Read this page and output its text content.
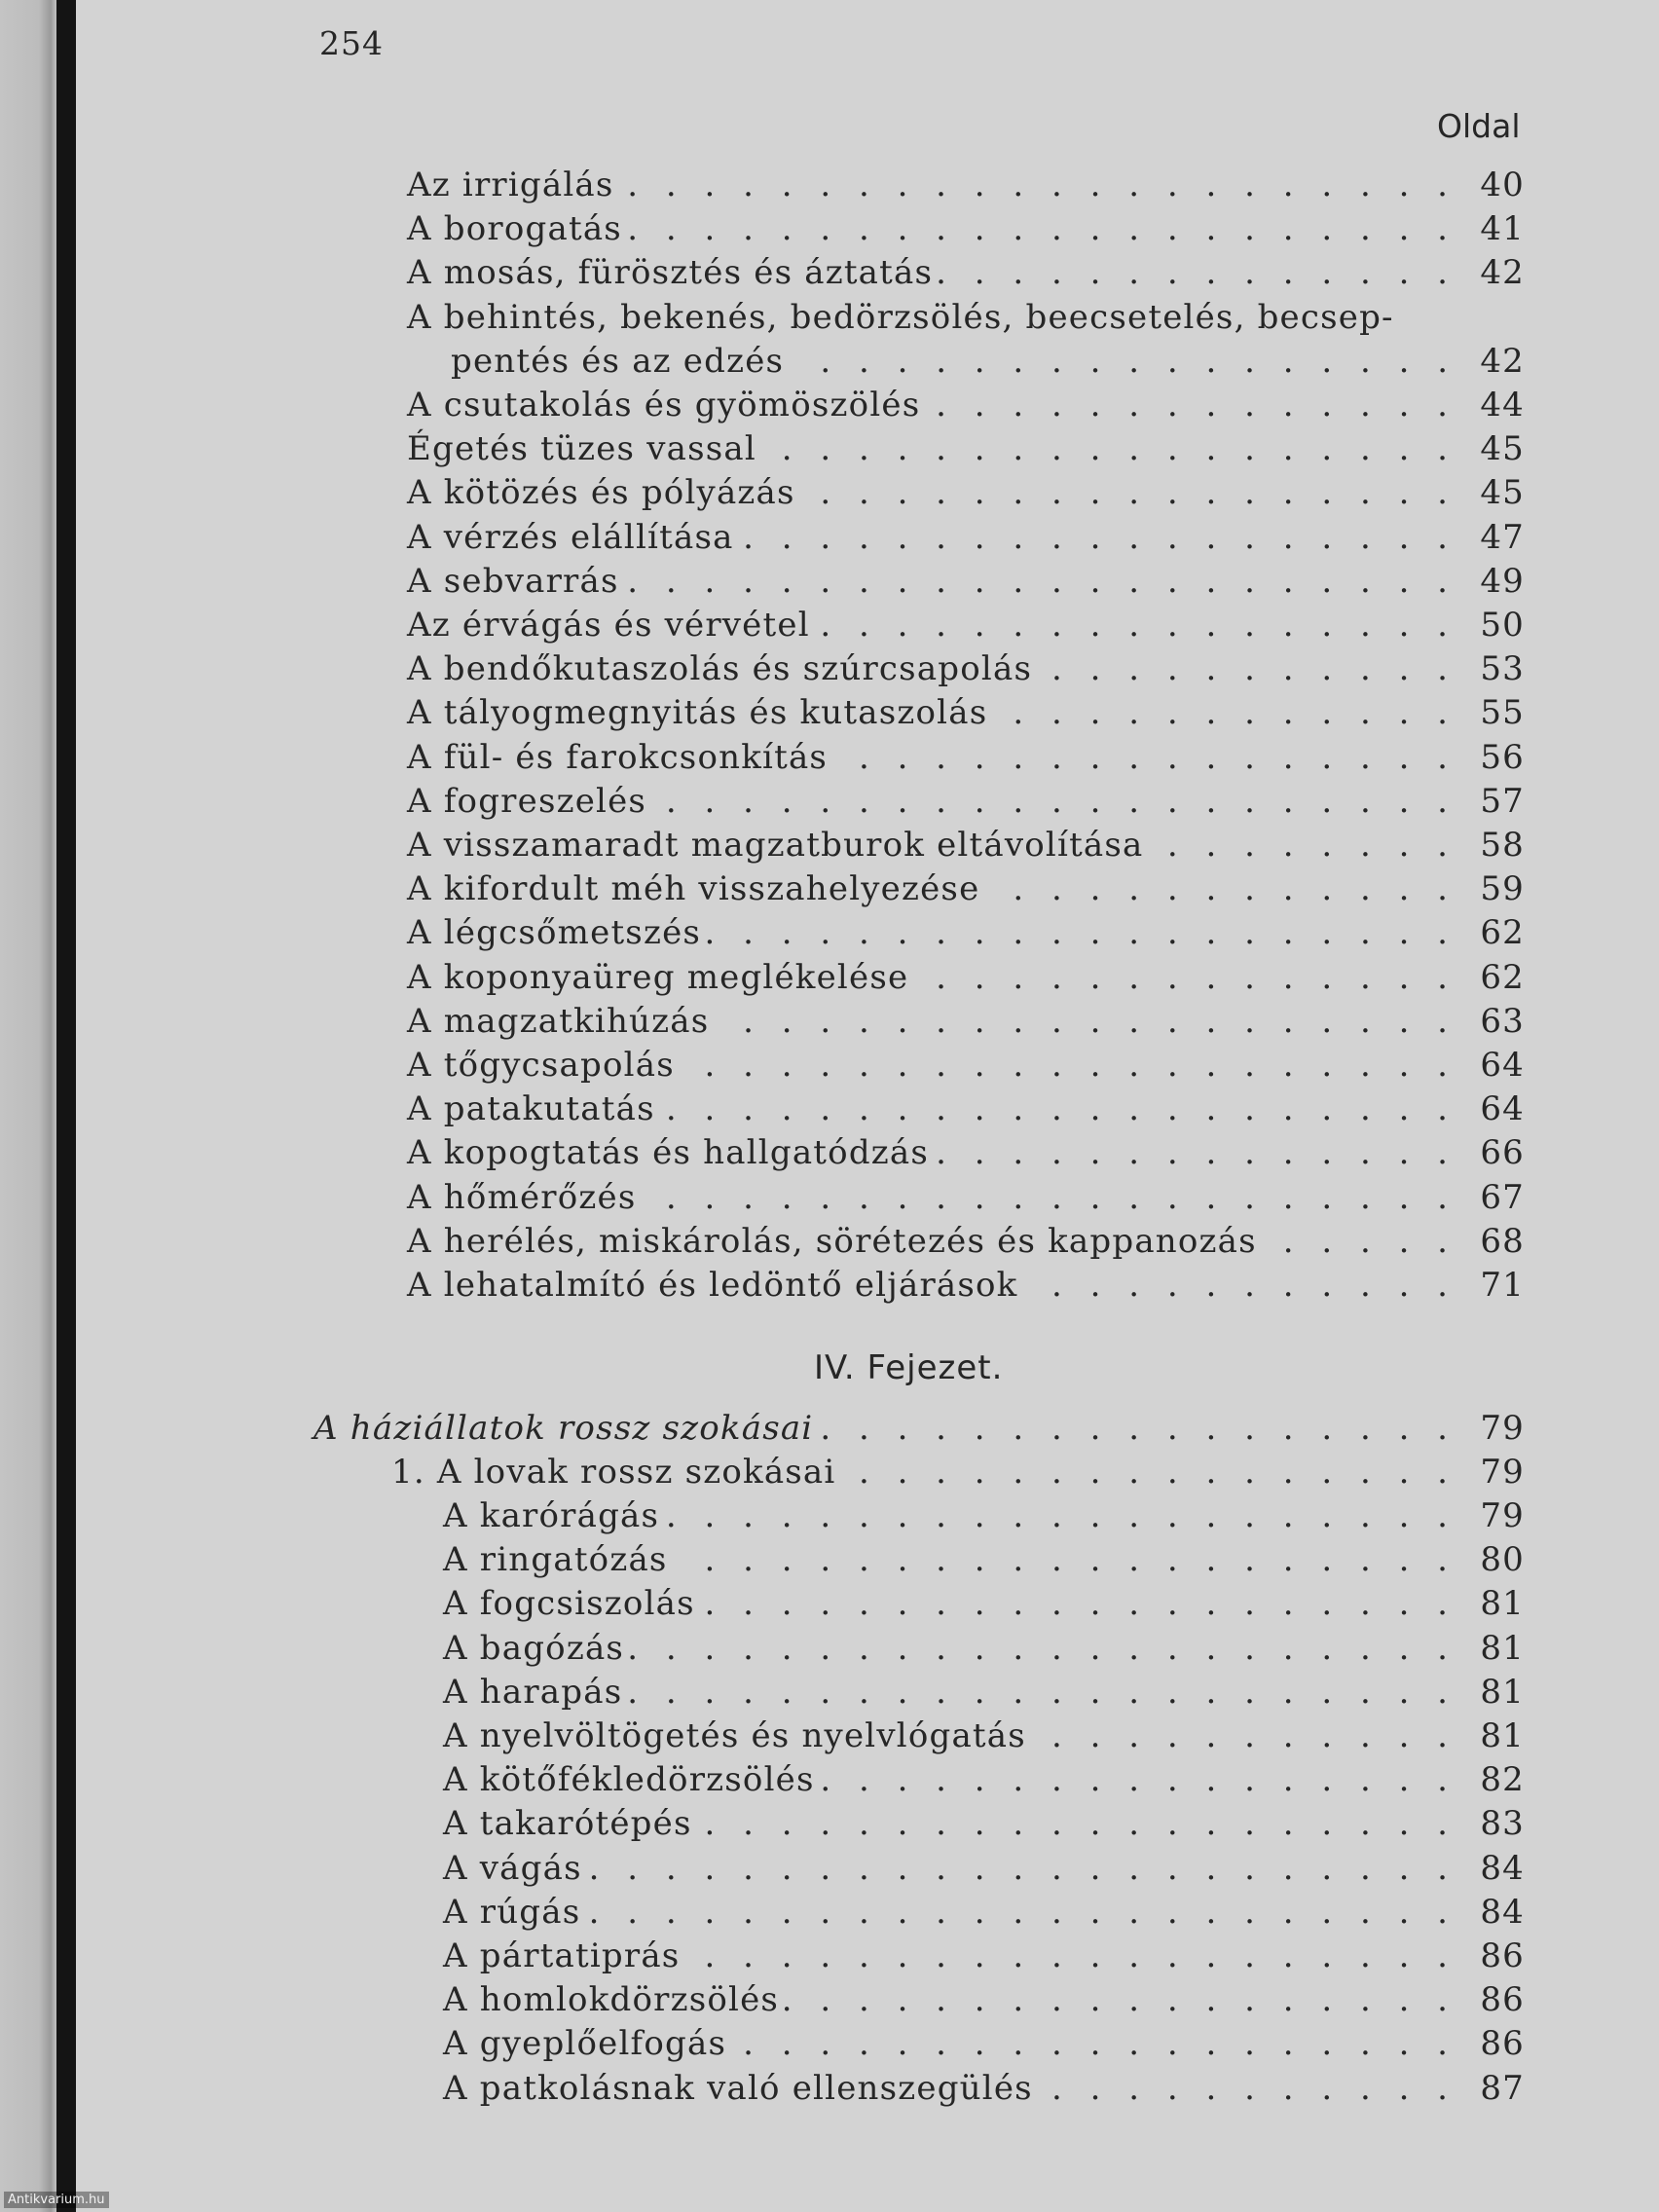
254
Oldal
Az irrigálás . . .	40
A borogatás . . .	41
A mosás, fürösztés és áztatás . . .	42
A behintés, bekenés, bedörzsölés, beecsetelés, becsep-
pentés és az edzés . . .	42
A csutakolás és gyömöszölés . . .	44
Égetés tüzes vassal . . .	45
A kötözés és pólyázás . . .	45
A vérzés elállítása . . .	47
A sebvarrás . . .	49
Az érvágás és vérvétel . . .	50
A bendőkutaszolás és szúrcsapolás . . .	53
A tályogmegnyitás és kutaszolás . . .	55
A fül- és farokcsonkítás . . .	56
A fogreszelés . . .	57
A visszamaradt magzatburok eltávolítása . . .	58
A kifordult méh visszahelyezése . . .	59
A légcsőmetszés . . .	62
A koponyaüreg meglékelése . . .	62
A magzatkihúzás . . .	63
A tőgycsapolás . . .	64
A patakutatás . . .	64
A kopogtatás és hallgatódzás . . .	66
A hőmérőzés . . .	67
A herélés, miskárolás, sörétezés és kappanozás . . .	68
A lehatalmító és ledöntő eljárások . . .	71
A háziállatok rossz szokásai . . .	79
1. A lovak rossz szokásai . . .	79
A karórágás . . .	79
A ringatózás . . .	80
A fogcsiszolás . . .	81
A bagózás . . .	81
A harapás . . .	81
A nyelvöltögetés és nyelvlógatás . . .	81
A kötőfékledörzsölés . . .	82
A takarótépés . . .	83
A vágás . . .	84
A rúgás . . .	84
A pártatiprás . . .	86
A homlokdörzsölés . . .	86
A gyeplőelfogás . . .	86
A patkolásnak való ellenszegülés . . .	87
IV. Fejezet.
Antikvarium.hu
